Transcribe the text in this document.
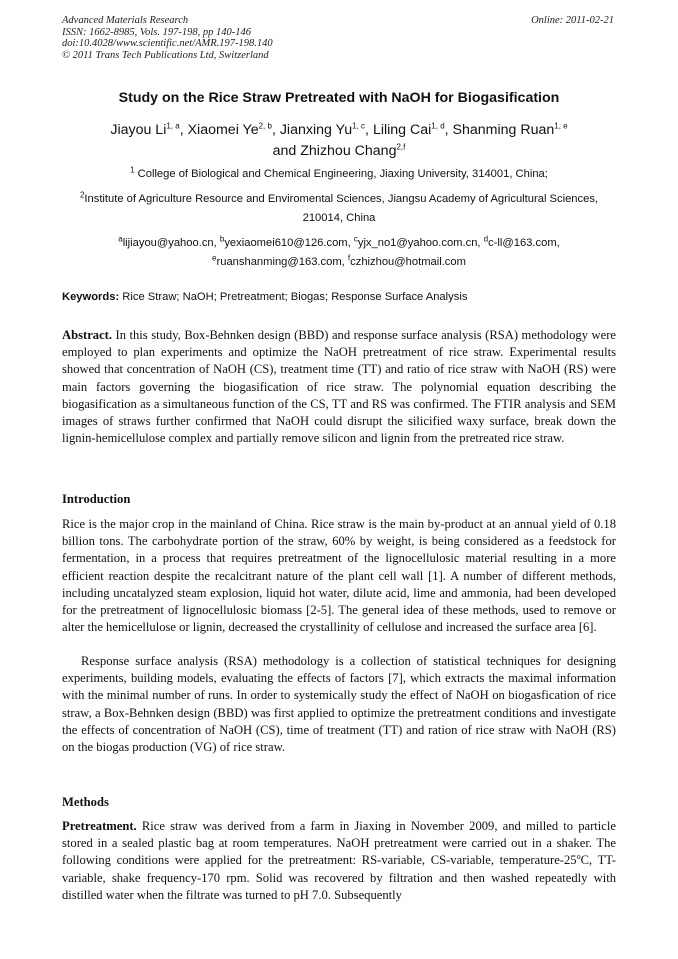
Advanced Materials Research
ISSN: 1662-8985, Vols. 197-198, pp 140-146
doi:10.4028/www.scientific.net/AMR.197-198.140
© 2011 Trans Tech Publications Ltd, Switzerland
Online: 2011-02-21
Study on the Rice Straw Pretreated with NaOH for Biogasification
Jiayou Li$^{1, a}$, Xiaomei Ye$^{2, b}$, Jianxing Yu$^{1, c}$, Liling Cai$^{1, d}$, Shanming Ruan$^{1, e}$
and Zhizhou Chang$^{2,f}$
$^1$ College of Biological and Chemical Engineering, Jiaxing University, 314001, China;
$^2$Institute of Agriculture Resource and Enviromental Sciences, Jiangsu Academy of Agricultural Sciences, 210014, China
$^a$lijiayou@yahoo.cn, $^b$yexiaomei610@126.com, $^c$yjx_no1@yahoo.com.cn, $^d$c-ll@163.com,
$^e$ruanshanming@163.com, $^f$czhizhou@hotmail.com
Keywords: Rice Straw; NaOH; Pretreatment; Biogas; Response Surface Analysis
Abstract. In this study, Box-Behnken design (BBD) and response surface analysis (RSA) methodology were employed to plan experiments and optimize the NaOH pretreatment of rice straw. Experimental results showed that concentration of NaOH (CS), treatment time (TT) and ratio of rice straw with NaOH (RS) were main factors governing the biogasification of rice straw. The polynomial equation describing the biogasification as a simultaneous function of the CS, TT and RS was confirmed. The FTIR analysis and SEM images of straws further confirmed that NaOH could disrupt the silicified waxy surface, break down the lignin-hemicellulose complex and partially remove silicon and lignin from the pretreated rice straw.
Introduction
Rice is the major crop in the mainland of China. Rice straw is the main by-product at an annual yield of 0.18 billion tons. The carbohydrate portion of the straw, 60% by weight, is being considered as a feedstock for fermentation, in a process that requires pretreatment of the lignocellulosic material resulting in a more efficient reaction despite the recalcitrant nature of the plant cell wall [1]. A number of different methods, including uncatalyzed steam explosion, liquid hot water, dilute acid, lime and ammonia, had been developed for the pretreatment of lignocellulosic biomass [2-5]. The general idea of these methods, used to remove or alter the hemicellulose or lignin, decreased the crystallinity of cellulose and increased the surface area [6].
Response surface analysis (RSA) methodology is a collection of statistical techniques for designing experiments, building models, evaluating the effects of factors [7], which extracts the maximal information with the minimal number of runs. In order to systemically study the effect of NaOH on biogasfication of rice straw, a Box-Behnken design (BBD) was first applied to optimize the pretreatment conditions and investigate the effects of concentration of NaOH (CS), time of treatment (TT) and ration of rice straw with NaOH (RS) on the biogas production (VG) of rice straw.
Methods
Pretreatment. Rice straw was derived from a farm in Jiaxing in November 2009, and milled to particle stored in a sealed plastic bag at room temperatures. NaOH pretreatment were carried out in a shaker. The following conditions were applied for the pretreatment: RS-variable, CS-variable, temperature-25$^o$C, TT-variable, shake frequency-170 rpm. Solid was recovered by filtration and then washed repeatedly with distilled water when the filtrate was turned to pH 7.0. Subsequently
